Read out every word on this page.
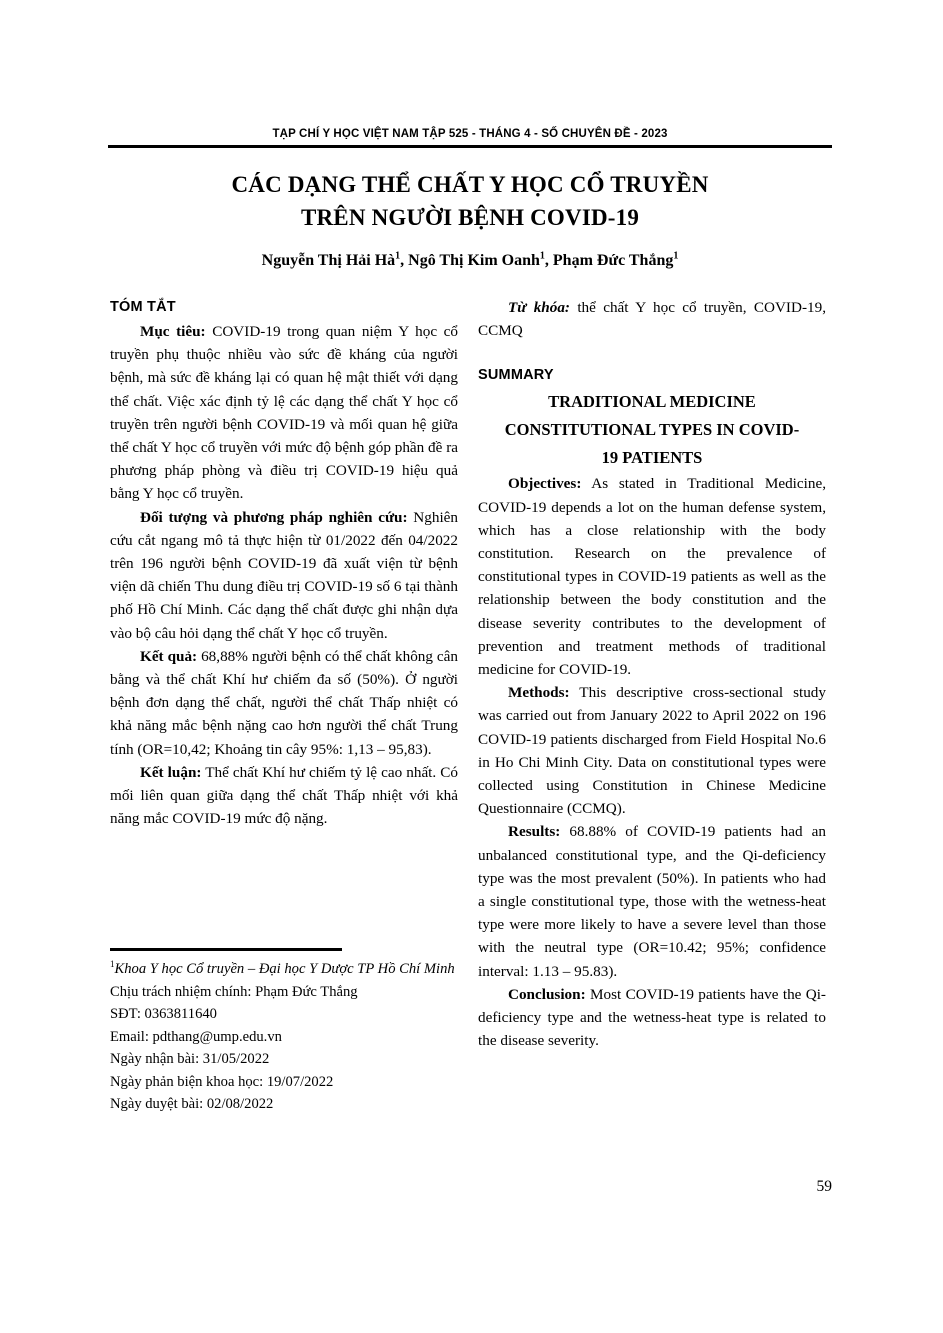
TẠP CHÍ Y HỌC VIỆT NAM TẬP 525 - THÁNG 4 - SỐ CHUYÊN ĐỀ - 2023
CÁC DẠNG THỂ CHẤT Y HỌC CỔ TRUYỀN
TRÊN NGƯỜI BỆNH COVID-19
Nguyễn Thị Hải $Hà^1$, Ngô Thị Kim Oanh$^1$, Phạm Đức Thắng$^1$
TÓM TẮT

Mục tiêu: COVID-19 trong quan niệm Y học cổ truyền phụ thuộc nhiều vào sức đề kháng của người bệnh, mà sức đề kháng lại có quan hệ mật thiết với dạng thể chất. Việc xác định tỷ lệ các dạng thể chất Y học cổ truyền trên người bệnh COVID-19 và mối quan hệ giữa thể chất Y học cổ truyền với mức độ bệnh góp phần đề ra phương pháp phòng và điều trị COVID-19 hiệu quả bằng Y học cổ truyền.

Đối tượng và phương pháp nghiên cứu: Nghiên cứu cắt ngang mô tả thực hiện từ 01/2022 đến 04/2022 trên 196 người bệnh COVID-19 đã xuất viện từ bệnh viện dã chiến Thu dung điều trị COVID-19 số 6 tại thành phố Hồ Chí Minh. Các dạng thể chất được ghi nhận dựa vào bộ câu hỏi dạng thể chất Y học cổ truyền.

Kết quả: 68,88% người bệnh có thể chất không cân bằng và thể chất Khí hư chiếm đa số (50%). Ở người bệnh đơn dạng thể chất, người thể chất Thấp nhiệt có khả năng mắc bệnh nặng cao hơn người thể chất Trung tính (OR=10,42; Khoảng tin cây 95%: 1,13 – 95,83).

Kết luận: Thể chất Khí hư chiếm tỷ lệ cao nhất. Có mối liên quan giữa dạng thể chất Thấp nhiệt với khả năng mắc COVID-19 mức độ nặng.

Từ khóa: thể chất Y học cổ truyền, COVID-19, CCMQ

SUMMARY
TRADITIONAL MEDICINE
CONSTITUTIONAL TYPES IN COVID-
19 PATIENTS

Objectives: As stated in Traditional Medicine, COVID-19 depends a lot on the human defense system, which has a close relationship with the body constitution. Research on the prevalence of constitutional types in COVID-19 patients as well as the relationship between the body constitution and the disease severity contributes to the development of prevention and treatment methods of traditional medicine for COVID-19.

Methods: This descriptive cross-sectional study was carried out from January 2022 to April 2022 on 196 COVID-19 patients discharged from Field Hospital No.6 in Ho Chi Minh City. Data on constitutional types were collected using Constitution in Chinese Medicine Questionnaire (CCMQ).

Results: 68.88% of COVID-19 patients had an unbalanced constitutional type, and the Qi-deficiency type was the most prevalent (50%). In patients who had a single constitutional type, those with the wetness-heat type were more likely to have a severe level than those with the neutral type (OR=10.42; 95%; confidence interval: 1.13 – 95.83).

Conclusion: Most COVID-19 patients have the Qi-deficiency type and the wetness-heat type is related to the disease severity.

$^1$Khoa Y học Cổ truyền – Đại học Y Dược TP Hồ Chí Minh

Chịu trách nhiệm chính: Phạm Đức Thắng

SĐT: 0363811640

Email: pdthang@ump.edu.vn

Ngày nhận bài: 31/05/2022

Ngày phản biện khoa học: 19/07/2022

Ngày duyệt bài: 02/08/2022

59
